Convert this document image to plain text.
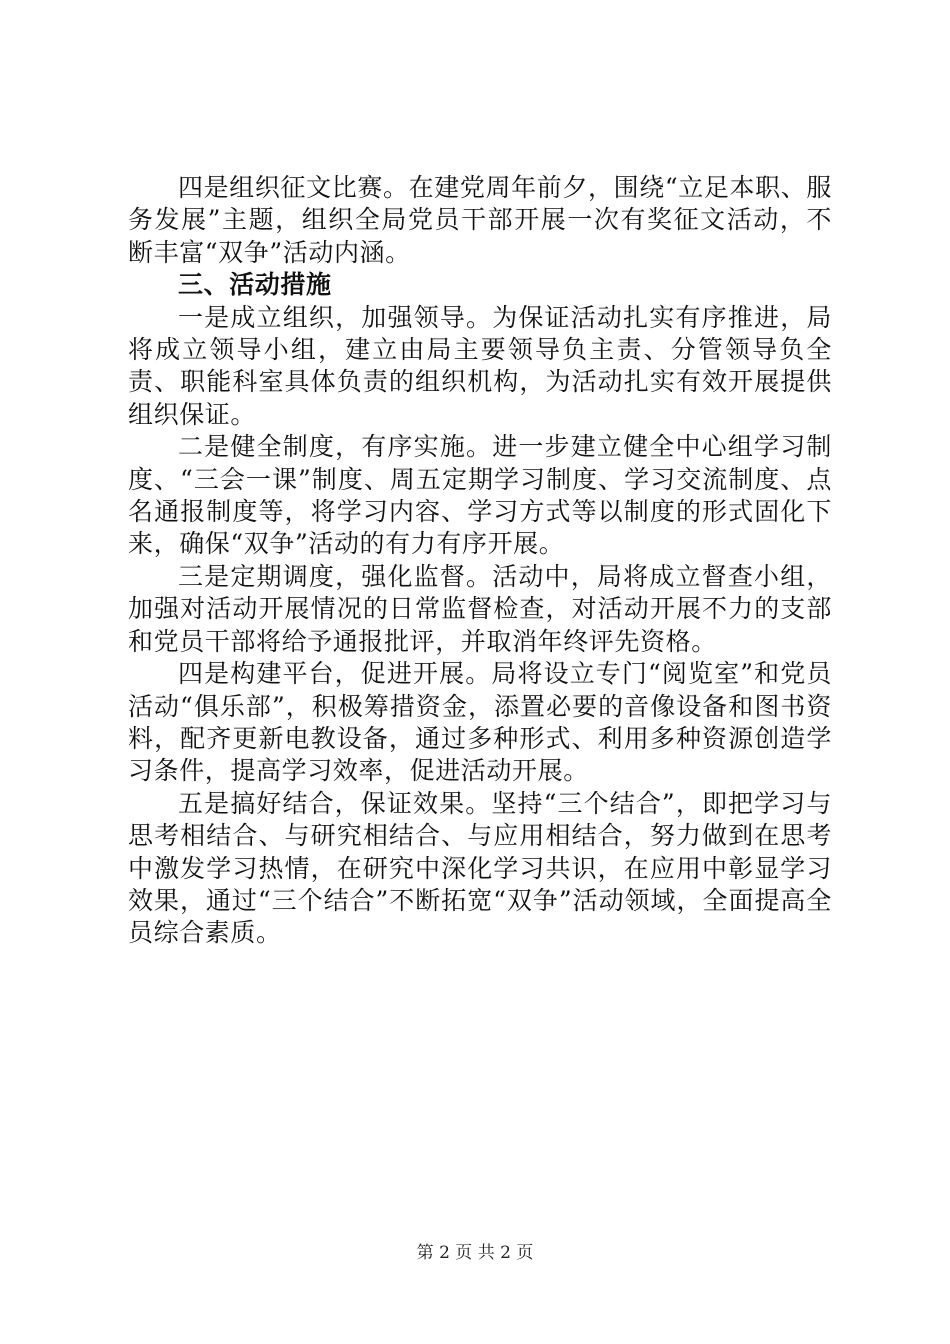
四是组织征文比赛。在建党周年前夕，围绕“立足本职、服务发展”主题，组织全局党员干部开展一次有奖征文活动，不断丰富“双争”活动内涵。

三、活动措施

一是成立组织，加强领导。为保证活动扎实有序推进，局将成立领导小组，建立由局主要领导负主责、分管领导负全责、职能科室具体负责的组织机构，为活动扎实有效开展提供组织保证。

二是健全制度，有序实施。进一步建立健全中心组学习制度、“三会一课”制度、周五定期学习制度、学习交流制度、点名通报制度等，将学习内容、学习方式等以制度的形式固化下来，确保“双争”活动的有力有序开展。

三是定期调度，强化监督。活动中，局将成立督查小组，加强对活动开展情况的日常监督检查，对活动开展不力的支部和党员干部将给予通报批评，并取消年终评先资格。

四是构建平台，促进开展。局将设立专门“阅览室”和党员活动“俱乐部”，积极筹措资金，添置必要的音像设备和图书资料，配齐更新电教设备，通过多种形式、利用多种资源创造学习条件，提高学习效率，促进活动开展。

五是搞好结合，保证效果。坚持“三个结合”，即把学习与思考相结合、与研究相结合、与应用相结合，努力做到在思考中激发学习热情，在研究中深化学习共识，在应用中彰显学习效果，通过“三个结合”不断拓宽“双争”活动领域，全面提高全员综合素质。

第 2 页 共 2 页
